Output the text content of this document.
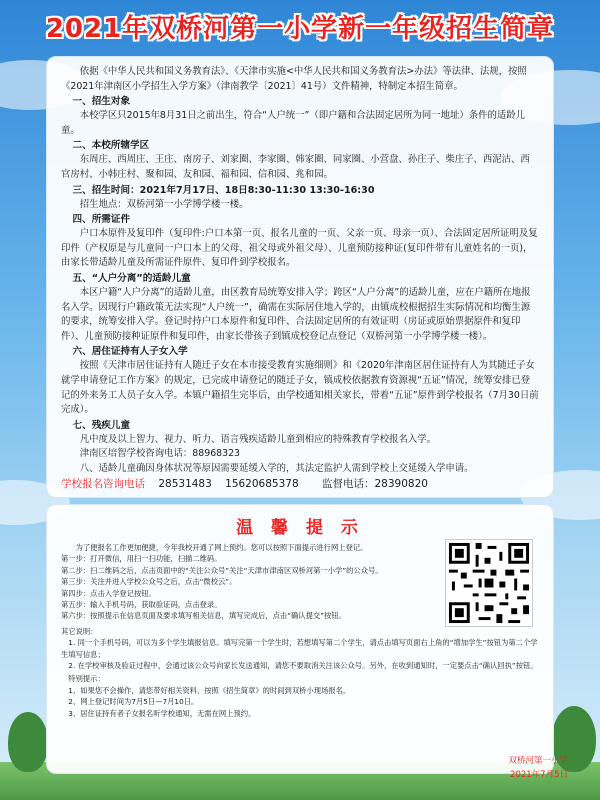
2021年双桥河第一小学新一年级招生简章

依据《中华人民共和国义务教育法》、《天津市实施<中华人民共和国义务教育法>办法》等法律、法规，按照《2021年津南区小学招生入学方案》（津南教学〔2021〕41号）文件精神，特制定本招生简章。

一、招生对象

本校学区只2015年8月31日之前出生，符合“人户统一”（即户籍和合法固定居所为同一地址）条件的适龄儿童。

二、本校所辖学区

东周庄、西周庄、王庄、南房子、刘家圈、李家圈、韩家圈、同家圈、小营盘、孙庄子、柴庄子、西泥沽、西官房村、小韩庄村、聚和园、友和园、福和园、信和园、兆和园。

三、招生时间：2021年7月17日、18日8:30-11:30 13:30-16:30

招生地点：双桥河第一小学博学楼一楼。

四、所需证件

户口本原件及复印件（复印件:户口本第一页、报名儿童的一页、父亲一页、母亲一页）、合法固定居所证明及复印件（产权原是与儿童同一户口本上的父母、祖父母或外祖父母）、儿童预防接种证(复印件带有儿童姓名的一页)，由家长带适龄儿童及所需证件原件、复印件到学校报名。

五、“人户分离”的适龄儿童

本区户籍“人户分离”的适龄儿童，由区教育局统筹安排入学；跨区“人户分离”的适龄儿童，应在户籍所在地报名入学。因现行户籍政策无法实现“人户统一”，确需在实际居住地入学的，由镇成校根据招生实际情况和均衡生源的要求，统筹安排入学。登记时持户口本原件和复印件、合法固定居所的有效证明（房证或原始票据原件和复印件）、儿童预防接种证原件和复印件，由家长带孩子到镇成校登记点登记（双桥河第一小学博学楼一楼）。

六、居住证持有人子女入学

按照《天津市居住证持有人随迁子女在本市接受教育实施细则》和《2020年津南区居住证持有人为其随迁子女就学申请登记工作方案》的规定，已完成申请登记的随迁子女，镇成校依据教育资源视“五证”情况，统筹安排已登记的外来务工人员子女入学。本镇户籍招生完毕后，由学校通知相关家长，带着“五证”原件到学校报名（7月30日前完成）。

七、残疾儿童

凡中度及以上智力、视力、听力、语言残疾适龄儿童到相应的特殊教育学校报名入学。

津南区培智学校咨询电话：88968323

八、适龄儿童确因身体状况等原因需要延缓入学的，其法定监护人需到学校上交延缓入学申请。

学校报名咨询电话 28531483 15620685378 监督电话：28390820

温 馨 提 示

为了便报名工作更加便捷，今年我校开通了网上预约。您可以按照下面提示进行网上登记。

第一步：打开微信，用扫一扫功能，扫描二维码。

第二步：扫二维码之后，点击页面中的“关注公众号”关注“天津市津南区双桥河第一小学”的公众号。

第三步：关注并进入学校公众号之后，点击“微校云”。

第四步：点击入学登记按钮。

第五步：输入手机号码，获取验证码，点击登录。

第六步：按照提示在信息页面及要求填写相关信息，填写完成后，点击“确认提交”按钮。

其它说明：

1. 同一个手机号码，可以为多个学生填报信息。填写完第一个学生时，若想填写第二个学生，请点击填写页面右上角的“增加学生”按钮为第二个学生填写信息；

2. 在学校审核及验证过程中，会通过该公众号向家长发送通知，请您不要取消关注该公众号。另外，在收到通知时，一定要点击“确认回执”按钮。

特别提示：

1、如果您不会操作，请您带好相关资料，按照《招生简章》的时间到双桥小现场报名。

2、网上登记时间为7月5日—7月10日。

3、居住证持有者子女报名听学校通知，无需在网上预约。

双桥河第一小学
2021年7月5日
